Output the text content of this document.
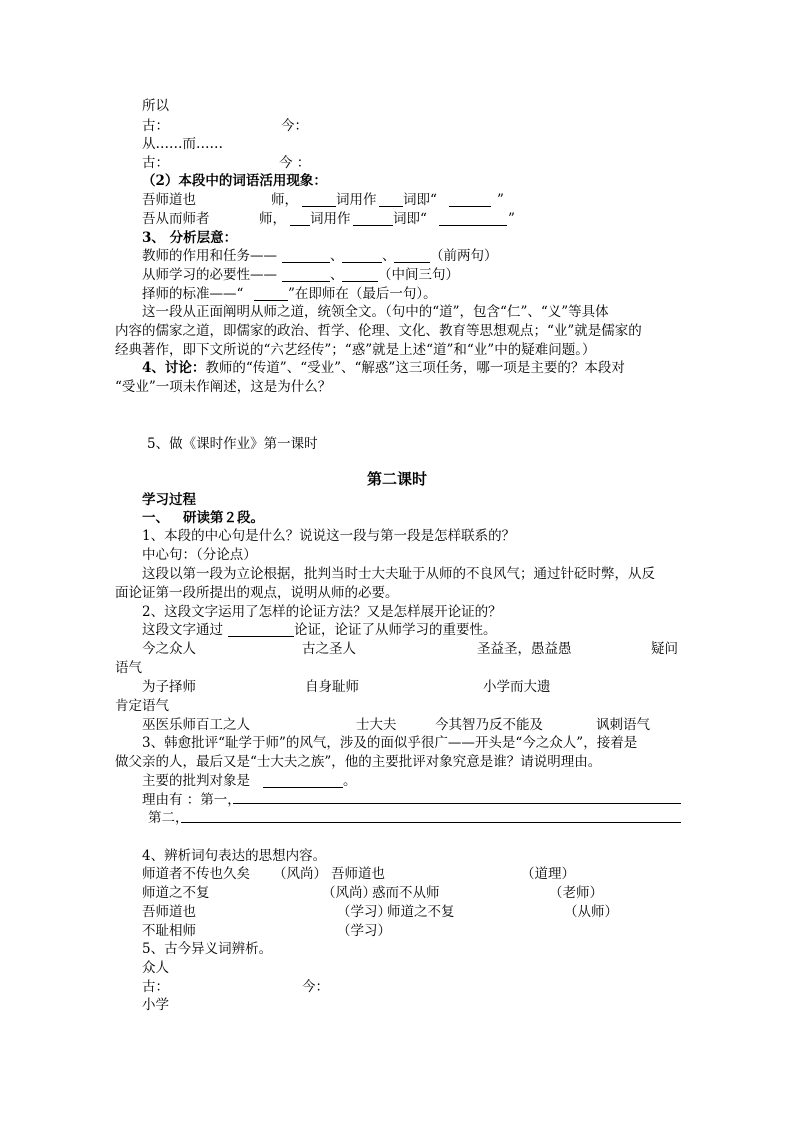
所以
古：	今：
从……而……
古：	今 ：
（2）本段中的词语活用现象：
吾师道也	师，	词用作 词即“	”
吾从而师者	师， 词用作	词即“	”
3、 分析层意：
教师的作用和任务——	、	、	（前两句）
从师学习的必要性——	、	（中间三句）
择师的标准——“	”在即师在（最后一句）。
这一段从正面阐明从师之道，统领全文。（句中的“道”，包含“仁”、“义”等具体
内容的儒家之道，即儒家的政治、哲学、伦理、文化、教育等思想观点；“业”就是儒家的
经典著作，即下文所说的“六艺经传”；“惑”就是上述“道”和“业”中的疑难问题。）
4、讨论：教师的“传道”、“受业”、“解惑”这三项任务，哪一项是主要的？本段对
“受业”一项未作阐述，这是为什么？
5、做《课时作业》第一课时
第二课时
学习过程
一、 研读第２段。
1、本段的中心句是什么？说说这一段与第一段是怎样联系的？
中心句：（分论点）
这段以第一段为立论根据，批判当时士大夫耻于从师的不良风气；通过针砭时弊，从反
面论证第一段所提出的观点，说明从师的必要。
2、这段文字运用了怎样的论证方法？又是怎样展开论证的？
这段文字通过	论证，论证了从师学习的重要性。
今之众人	古之圣人	圣益圣，愚益愚	疑问
语气
为子择师	自身耻师	小学而大遗
肯定语气
巫医乐师百工之人	士大夫	今其智乃反不能及	讽刺语气
3、韩愈批评“耻学于师”的风气，涉及的面似乎很广——开头是“今之众人”，接着是
做父亲的人，最后又是“士大夫之族”，他的主要批评对象究意是谁？请说明理由。
主要的批判对象是	。
理由有 ：第一，
第二，
4、辨析词句表达的思想内容。
师道者不传也久矣 （风尚） 吾师道也	（道理）
师道之不复	（风尚）
惑而不从师	（老师）
吾师道也	（学习）
师道之不复	（从师）
不耻相师	（学习）
5、古今异义词辨析。
众人
古：	今：
小学
